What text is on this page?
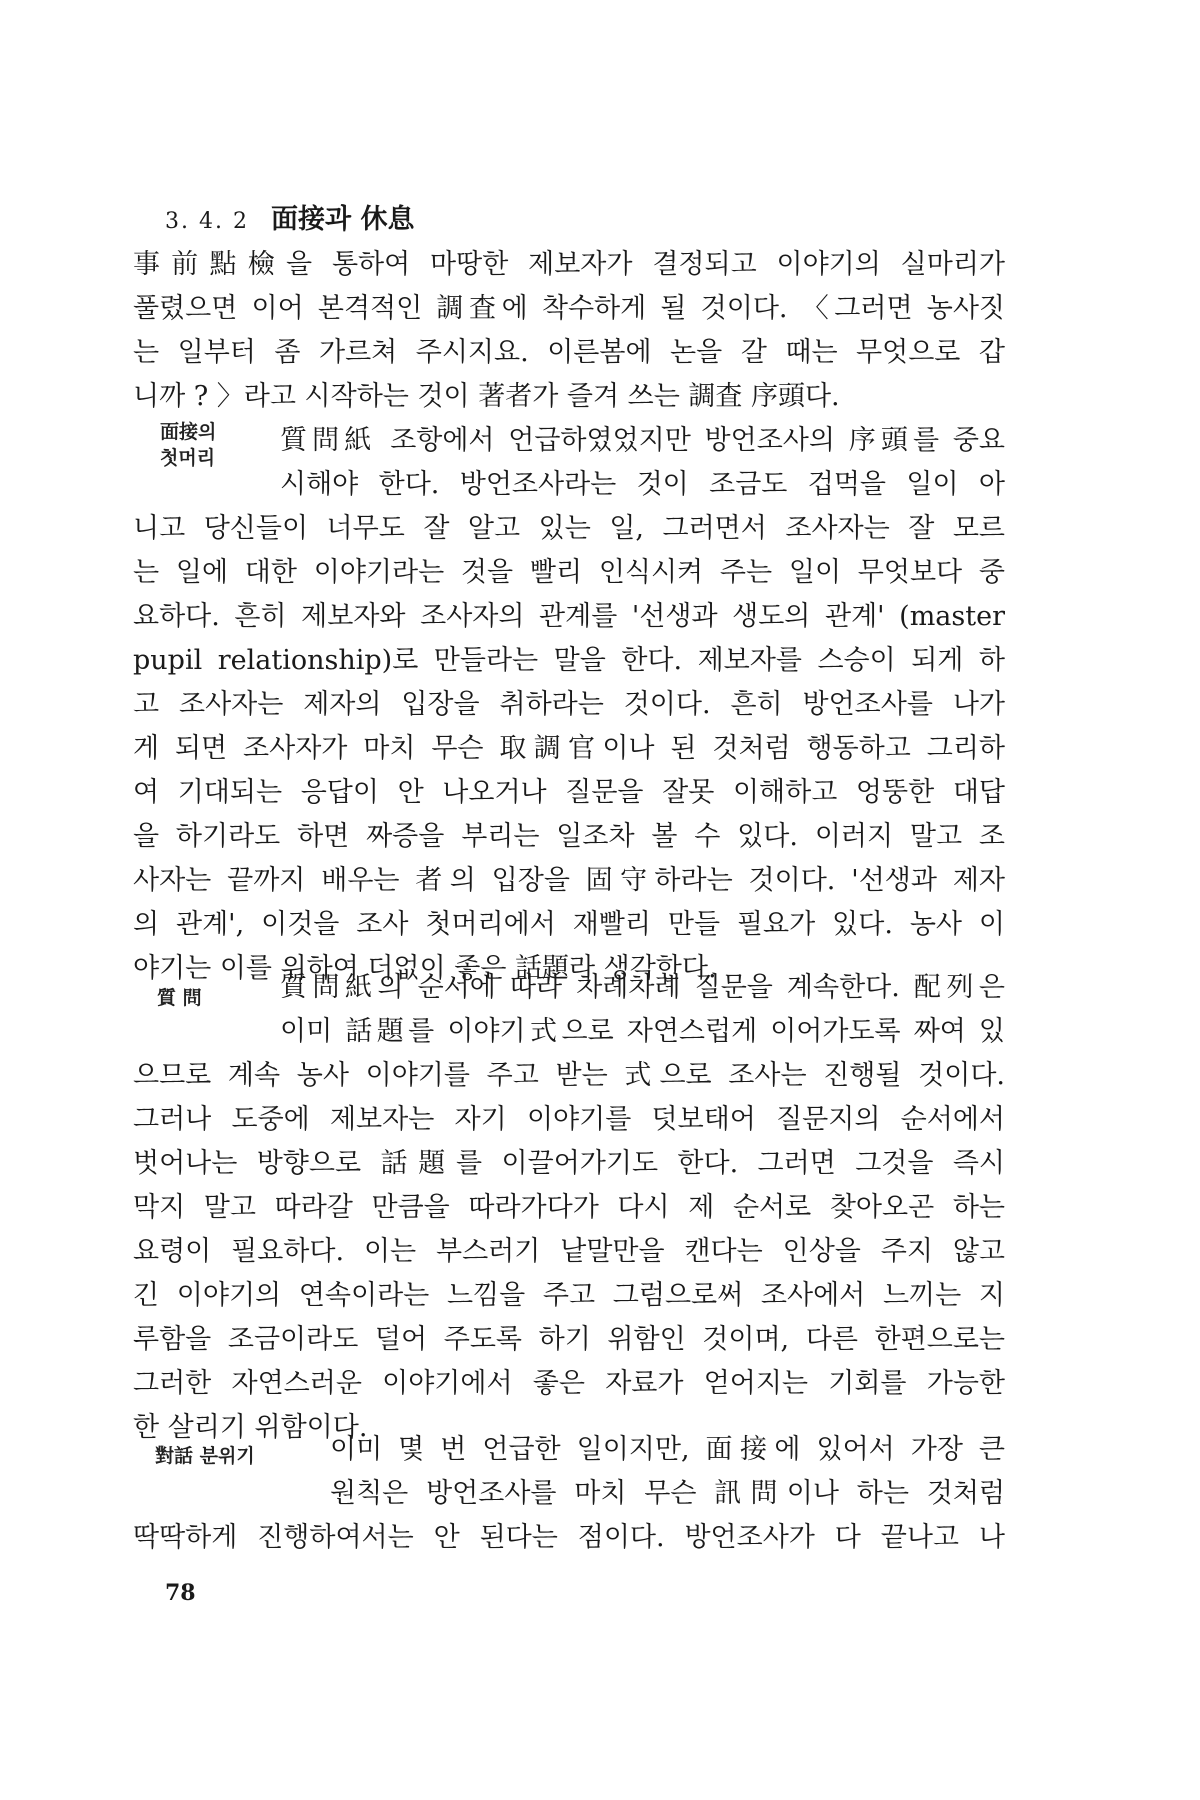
3. 4. 2 面接과 休息
面接의
첫머리
質 問
對話 분위기
事前點檢을 통하여 마땅한 제보자가 결정되고 이야기의 실마리가
풀렸으면 이어 본격적인 調査에 착수하게 될 것이다. 〈그러면 농사짓
는 일부터 좀 가르쳐 주시지요. 이른봄에 논을 갈 때는 무엇으로 갑
니까 ? 〉라고 시작하는 것이 著者가 즐겨 쓰는 調査 序頭다.
質問紙 조항에서 언급하였었지만 방언조사의 序頭를 중요
시해야 한다. 방언조사라는 것이 조금도 겁먹을 일이 아
니고 당신들이 너무도 잘 알고 있는 일, 그러면서 조사자는 잘 모르
는 일에 대한 이야기라는 것을 빨리 인식시켜 주는 일이 무엇보다 중
요하다. 흔히 제보자와 조사자의 관계를 '선생과 생도의 관계' (master
pupil relationship)로 만들라는 말을 한다. 제보자를 스승이 되게 하
고 조사자는 제자의 입장을 취하라는 것이다. 흔히 방언조사를 나가
게 되면 조사자가 마치 무슨 取調官이나 된 것처럼 행동하고 그리하
여 기대되는 응답이 안 나오거나 질문을 잘못 이해하고 엉뚱한 대답
을 하기라도 하면 짜증을 부리는 일조차 볼 수 있다. 이러지 말고 조
사자는 끝까지 배우는 者의 입장을 固守하라는 것이다. '선생과 제자
의 관계', 이것을 조사 첫머리에서 재빨리 만들 필요가 있다. 농사 이
야기는 이를 위하여 더없이 좋은 話題라 생각한다.
質問紙의 순서에 따라 차례차례 질문을 계속한다. 配列은
이미 話題를 이야기式으로 자연스럽게 이어가도록 짜여 있
으므로 계속 농사 이야기를 주고 받는 式으로 조사는 진행될 것이다.
그러나 도중에 제보자는 자기 이야기를 덧보태어 질문지의 순서에서
벗어나는 방향으로 話題를 이끌어가기도 한다. 그러면 그것을 즉시
막지 말고 따라갈 만큼을 따라가다가 다시 제 순서로 찾아오곤 하는
요령이 필요하다. 이는 부스러기 낱말만을 캔다는 인상을 주지 않고
긴 이야기의 연속이라는 느낌을 주고 그럼으로써 조사에서 느끼는 지
루함을 조금이라도 덜어 주도록 하기 위함인 것이며, 다른 한편으로는
그러한 자연스러운 이야기에서 좋은 자료가 얻어지는 기회를 가능한
한 살리기 위함이다.
이미 몇 번 언급한 일이지만, 面接에 있어서 가장 큰
원칙은 방언조사를 마치 무슨 訊問이나 하는 것처럼
딱딱하게 진행하여서는 안 된다는 점이다. 방언조사가 다 끝나고 나
78
